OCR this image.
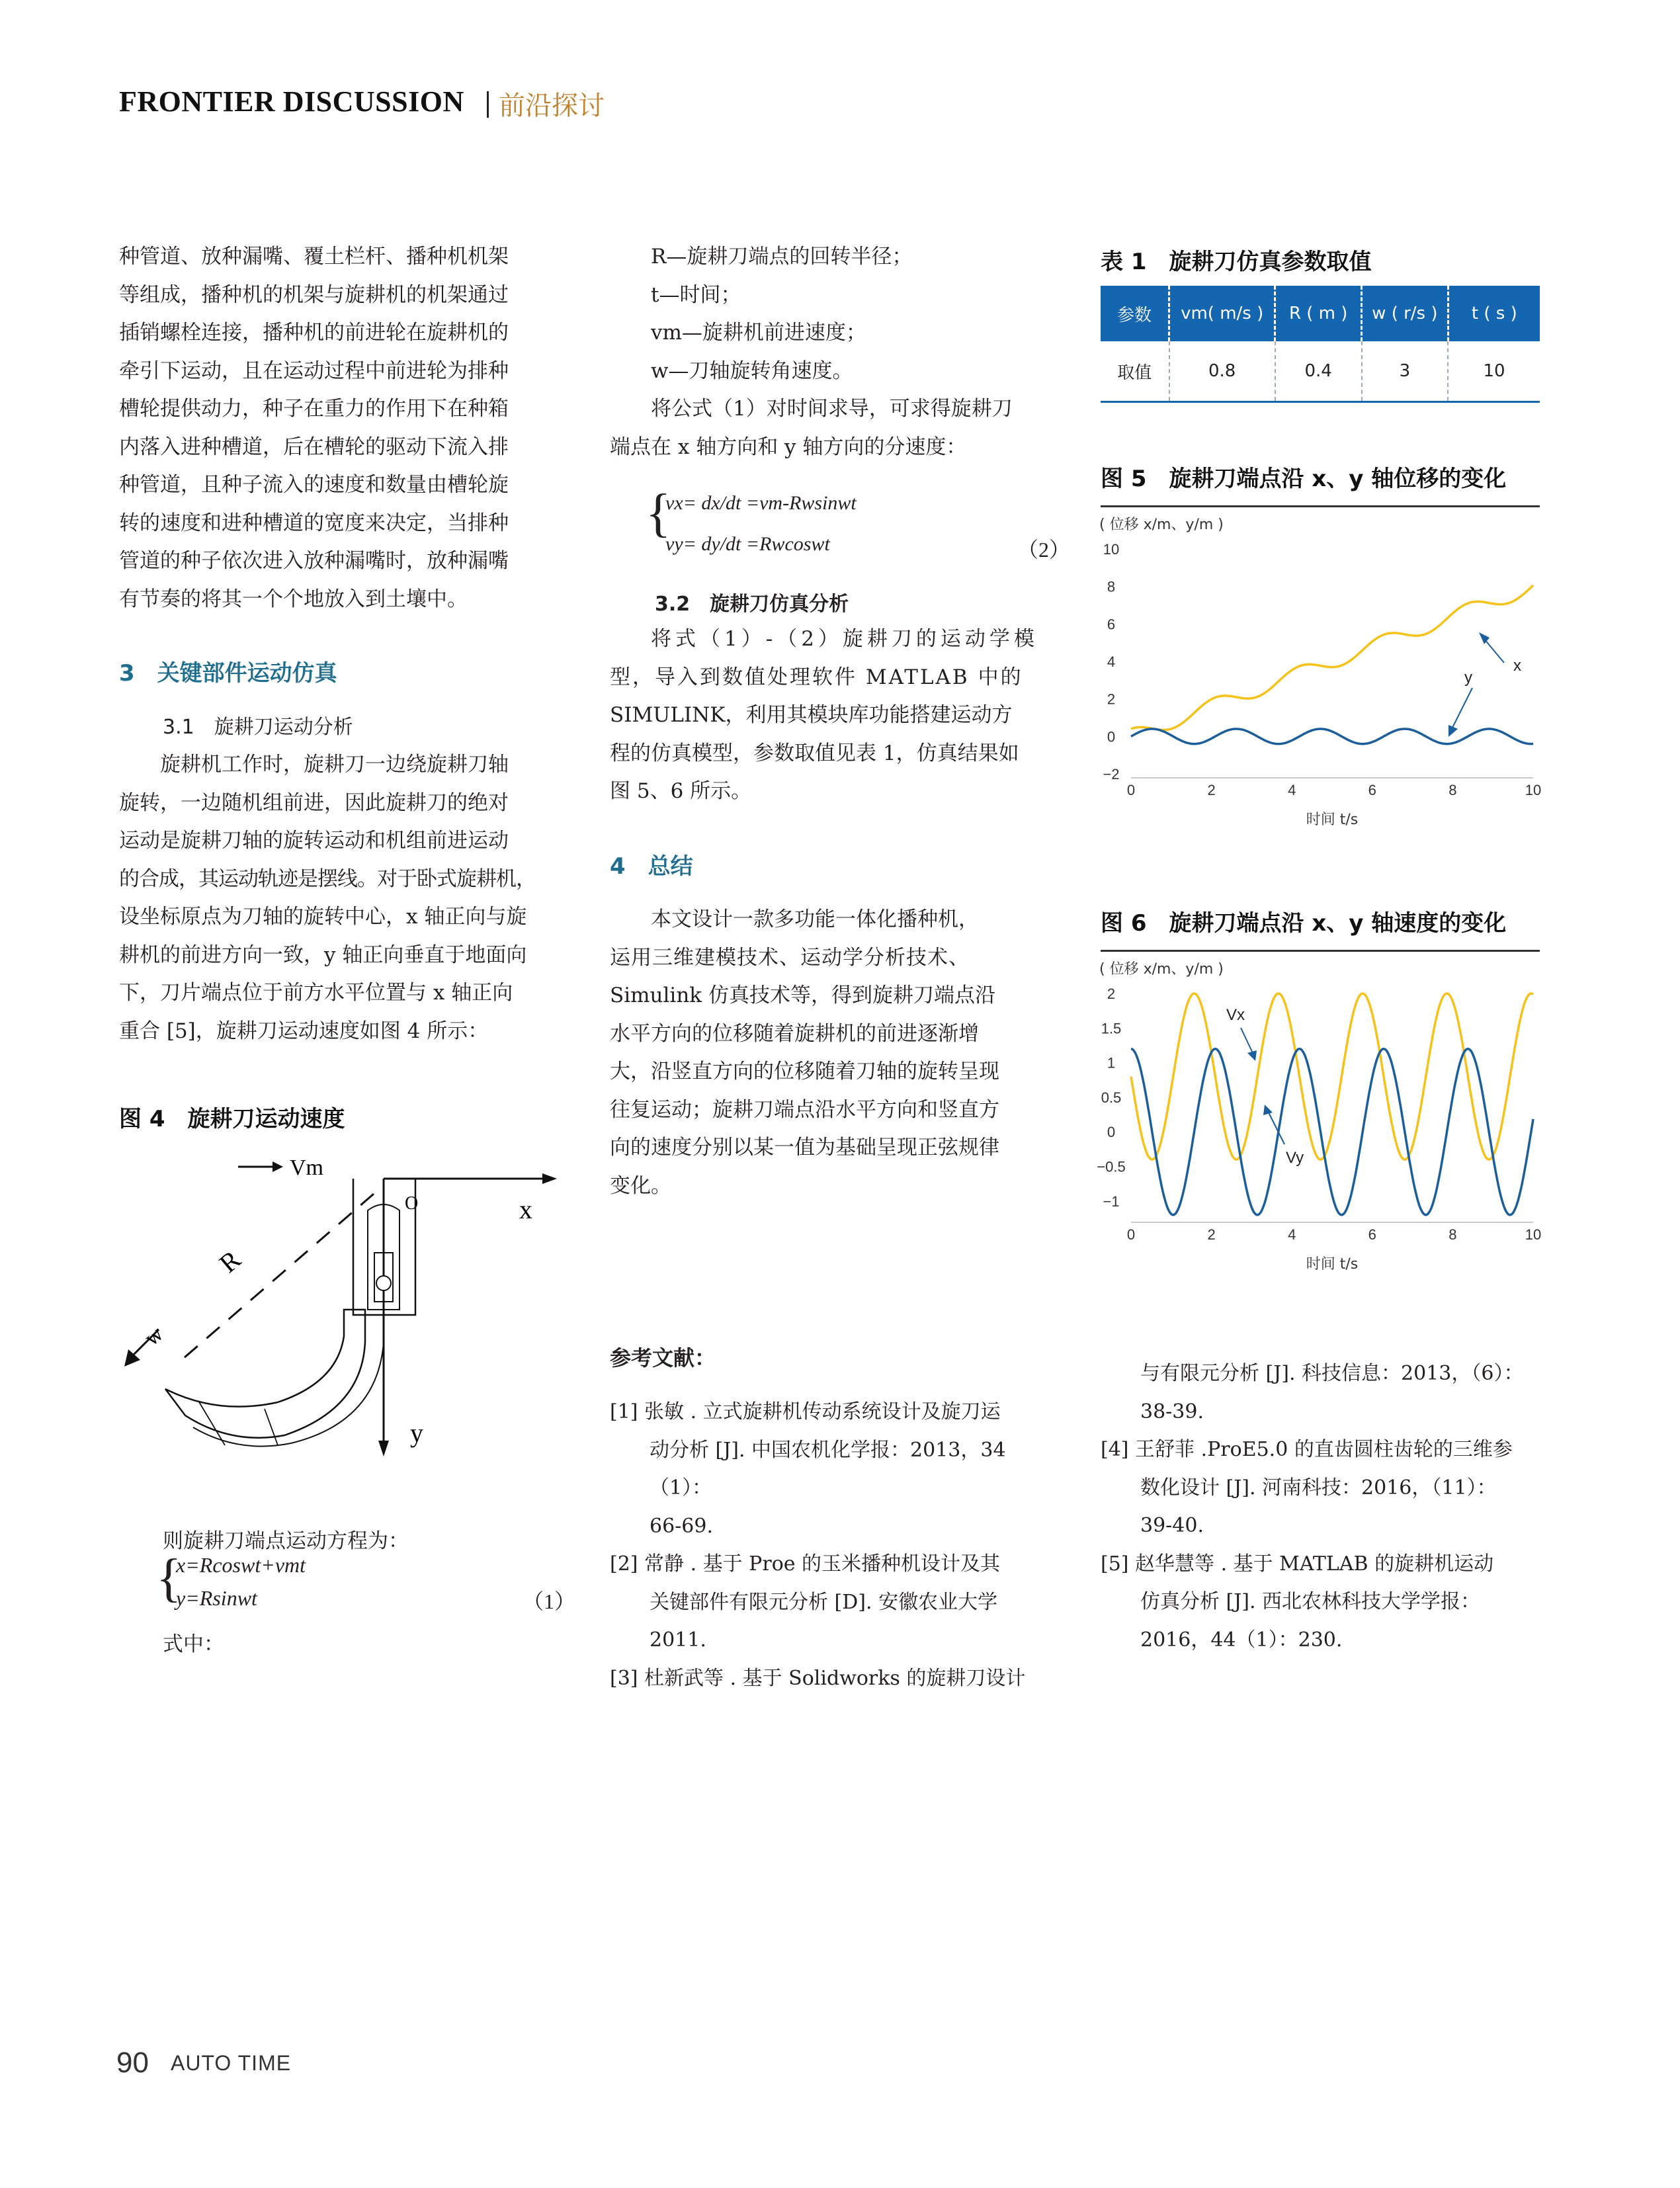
FRONTIER DISCUSSION 前沿探讨

种管道、放种漏嘴、覆土栏杆、播种机机架

等组成，播种机的机架与旋耕机的机架通过

插销螺栓连接，播种机的前进轮在旋耕机的

牵引下运动，且在运动过程中前进轮为排种

槽轮提供动力，种子在重力的作用下在种箱

内落入进种槽道，后在槽轮的驱动下流入排

种管道，且种子流入的速度和数量由槽轮旋

转的速度和进种槽道的宽度来决定，当排种

管道的种子依次进入放种漏嘴时，放种漏嘴

有节奏的将其一个个地放入到土壤中。

3　关键部件运动仿真
3.1　旋耕刀运动分析

旋耕机工作时，旋耕刀一边绕旋耕刀轴

旋转，一边随机组前进，因此旋耕刀的绝对

运动是旋耕刀轴的旋转运动和机组前进运动

的合成，其运动轨迹是摆线。对于卧式旋耕机，

设坐标原点为刀轴的旋转中心，x 轴正向与旋

耕机的前进方向一致，y 轴正向垂直于地面向

下，刀片端点位于前方水平位置与 x 轴正向

重合 [5]，旋耕刀运动速度如图 4 所示：

图 4　旋耕刀运动速度
Vm
x
O
y
R
w
则旋耕刀端点运动方程为：
{
x=Rcoswt+vmt
y=Rsinwt	（1）
式中：

R—旋耕刀端点的回转半径；

t—时间；

vm—旋耕机前进速度；

w—刀轴旋转角速度。

将公式（1）对时间求导，可求得旋耕刀

端点在 x 轴方向和 y 轴方向的分速度：

{
vx= dx/dt =vm-Rwsinwt
vy= dy/dt =Rwcoswt	（2）
3.2　旋耕刀仿真分析

将式（1）-（2）旋耕刀的运动学模

型，导入到数值处理软件 MATLAB 中的

SIMULINK，利用其模块库功能搭建运动方

程的仿真模型，参数取值见表 1，仿真结果如

图 5、6 所示。

4　总结

本文设计一款多功能一体化播种机，

运用三维建模技术、运动学分析技术、

Simulink 仿真技术等，得到旋耕刀端点沿

水平方向的位移随着旋耕机的前进逐渐增

大，沿竖直方向的位移随着刀轴的旋转呈现

往复运动；旋耕刀端点沿水平方向和竖直方

向的速度分别以某一值为基础呈现正弦规律

变化。

参考文献：

[1] 张敏 . 立式旋耕机传动系统设计及旋刀运

动分析 [J]. 中国农机化学报：2013，34（1）：

66-69.

[2] 常静 . 基于 Proe 的玉米播种机设计及其

关键部件有限元分析 [D]. 安徽农业大学

2011.

[3] 杜新武等 . 基于 Solidworks 的旋耕刀设计

表 1　旋耕刀仿真参数取值
参数	vm( m/s )	R ( m )	w ( r/s )	t ( s )
取值	0.8	0.4	3	10
图 5　旋耕刀端点沿 x、y 轴位移的变化
( 位移 x/m、y/m )
10
8
6
4
2
0
−2
0	2	4	6	8	10
时间 t/s
x
y
图 6　旋耕刀端点沿 x、y 轴速度的变化
( 位移 x/m、y/m )
2
1.5
1
0.5
0
−0.5
−1
0	2	4	6	8	10
时间 t/s
Vx
Vy

与有限元分析 [J]. 科技信息：2013，（6）：

38-39.

[4] 王舒菲 .ProE5.0 的直齿圆柱齿轮的三维参

数化设计 [J]. 河南科技：2016，（11）：

39-40.

[5] 赵华慧等 . 基于 MATLAB 的旋耕机运动

仿真分析 [J]. 西北农林科技大学学报：

2016，44（1）：230.

90 AUTO TIME
